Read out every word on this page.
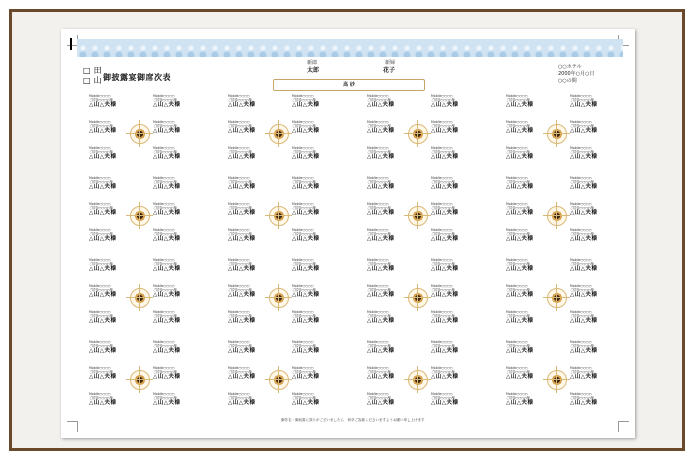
□ 田
□ 山 御披露宴御席次表
新郎	新婦
太郎	花子
高 砂
○○ホテル
2000年○月○日
○○の間
Mobile○○○○
ご招待○○○○様
△山△夫様
Mobile○○○○
ご招待○○○○様
△山△夫様
Mobile○○○○
ご招待○○○○様
△山△夫様
Mobile○○○○
ご招待○○○○様
△山△夫様
Mobile○○○○
ご招待○○○○様
△山△夫様
Mobile○○○○
ご招待○○○○様
△山△夫様
Mobile○○○○
ご招待○○○○様
△山△夫様
Mobile○○○○
ご招待○○○○様
△山△夫様
Mobile○○○○
ご招待○○○○様
△山△夫様
Mobile○○○○
ご招待○○○○様
△山△夫様
Mobile○○○○
ご招待○○○○様
△山△夫様
Mobile○○○○
ご招待○○○○様
△山△夫様
Mobile○○○○
ご招待○○○○様
△山△夫様
Mobile○○○○
ご招待○○○○様
△山△夫様
Mobile○○○○
ご招待○○○○様
△山△夫様
Mobile○○○○
ご招待○○○○様
△山△夫様
Mobile○○○○
ご招待○○○○様
△山△夫様
Mobile○○○○
ご招待○○○○様
△山△夫様
Mobile○○○○
ご招待○○○○様
△山△夫様
Mobile○○○○
ご招待○○○○様
△山△夫様
Mobile○○○○
ご招待○○○○様
△山△夫様
Mobile○○○○
ご招待○○○○様
△山△夫様
Mobile○○○○
ご招待○○○○様
△山△夫様
Mobile○○○○
ご招待○○○○様
△山△夫様
Mobile○○○○
ご招待○○○○様
△山△夫様
Mobile○○○○
ご招待○○○○様
△山△夫様
Mobile○○○○
ご招待○○○○様
△山△夫様
Mobile○○○○
ご招待○○○○様
△山△夫様
Mobile○○○○
ご招待○○○○様
△山△夫様
Mobile○○○○
ご招待○○○○様
△山△夫様
Mobile○○○○
ご招待○○○○様
△山△夫様
Mobile○○○○
ご招待○○○○様
△山△夫様
Mobile○○○○
ご招待○○○○様
△山△夫様
Mobile○○○○
ご招待○○○○様
△山△夫様
Mobile○○○○
ご招待○○○○様
△山△夫様
Mobile○○○○
ご招待○○○○様
△山△夫様
Mobile○○○○
ご招待○○○○様
△山△夫様
Mobile○○○○
ご招待○○○○様
△山△夫様
Mobile○○○○
ご招待○○○○様
△山△夫様
Mobile○○○○
ご招待○○○○様
△山△夫様
Mobile○○○○
ご招待○○○○様
△山△夫様
Mobile○○○○
ご招待○○○○様
△山△夫様
Mobile○○○○
ご招待○○○○様
△山△夫様
Mobile○○○○
ご招待○○○○様
△山△夫様
Mobile○○○○
ご招待○○○○様
△山△夫様
Mobile○○○○
ご招待○○○○様
△山△夫様
Mobile○○○○
ご招待○○○○様
△山△夫様
Mobile○○○○
ご招待○○○○様
△山△夫様
Mobile○○○○
ご招待○○○○様
△山△夫様
Mobile○○○○
ご招待○○○○様
△山△夫様
Mobile○○○○
ご招待○○○○様
△山△夫様
Mobile○○○○
ご招待○○○○様
△山△夫様
Mobile○○○○
ご招待○○○○様
△山△夫様
Mobile○○○○
ご招待○○○○様
△山△夫様
Mobile○○○○
ご招待○○○○様
△山△夫様
Mobile○○○○
ご招待○○○○様
△山△夫様
Mobile○○○○
ご招待○○○○様
△山△夫様
Mobile○○○○
ご招待○○○○様
△山△夫様
Mobile○○○○
ご招待○○○○様
△山△夫様
Mobile○○○○
ご招待○○○○様
△山△夫様
Mobile○○○○
ご招待○○○○様
△山△夫様
Mobile○○○○
ご招待○○○○様
△山△夫様
Mobile○○○○
ご招待○○○○様
△山△夫様
Mobile○○○○
ご招待○○○○様
△山△夫様
Mobile○○○○
ご招待○○○○様
△山△夫様
Mobile○○○○
ご招待○○○○様
△山△夫様
Mobile○○○○
ご招待○○○○様
△山△夫様
Mobile○○○○
ご招待○○○○様
△山△夫様
Mobile○○○○
ご招待○○○○様
△山△夫様
Mobile○○○○
ご招待○○○○様
△山△夫様
Mobile○○○○
ご招待○○○○様
△山△夫様
Mobile○○○○
ご招待○○○○様
△山△夫様
Mobile○○○○
ご招待○○○○様
△山△夫様
Mobile○○○○
ご招待○○○○様
△山△夫様
Mobile○○○○
ご招待○○○○様
△山△夫様
Mobile○○○○
ご招待○○○○様
△山△夫様
Mobile○○○○
ご招待○○○○様
△山△夫様
Mobile○○○○
ご招待○○○○様
△山△夫様
Mobile○○○○
ご招待○○○○様
△山△夫様
Mobile○○○○
ご招待○○○○様
△山△夫様
Mobile○○○○
ご招待○○○○様
△山△夫様
Mobile○○○○
ご招待○○○○様
△山△夫様
Mobile○○○○
ご招待○○○○様
△山△夫様
Mobile○○○○
ご招待○○○○様
△山△夫様
Mobile○○○○
ご招待○○○○様
△山△夫様
Mobile○○○○
ご招待○○○○様
△山△夫様
Mobile○○○○
ご招待○○○○様
△山△夫様
Mobile○○○○
ご招待○○○○様
△山△夫様
Mobile○○○○
ご招待○○○○様
△山△夫様
Mobile○○○○
ご招待○○○○様
△山△夫様
Mobile○○○○
ご招待○○○○様
△山△夫様
Mobile○○○○
ご招待○○○○様
△山△夫様
Mobile○○○○
ご招待○○○○様
△山△夫様
Mobile○○○○
ご招待○○○○様
△山△夫様
Mobile○○○○
ご招待○○○○様
△山△夫様
Mobile○○○○
ご招待○○○○様
△山△夫様
御芳名・御肩書に誤りがございましたら　何卒ご容赦くださいますようお願い申し上げます
